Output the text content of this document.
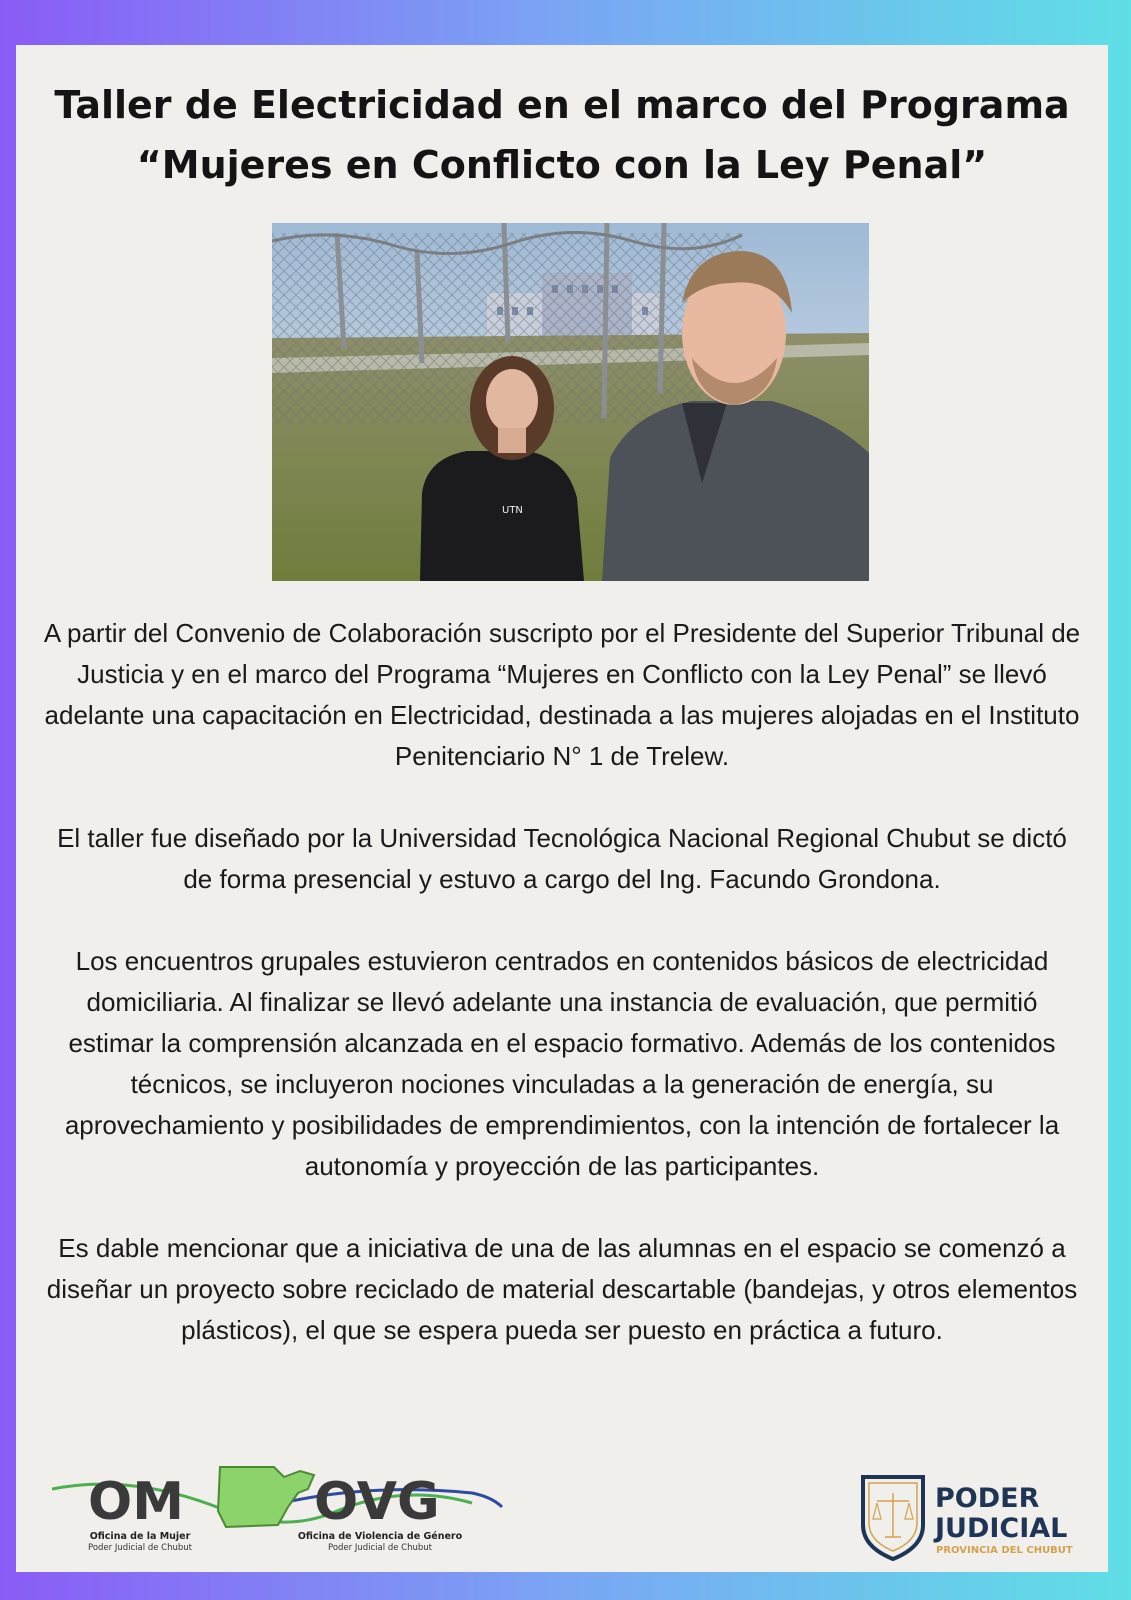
Taller de Electricidad en el marco del Programa
“Mujeres en Conflicto con la Ley Penal”
UTN

A partir del Convenio de Colaboración suscripto por el Presidente del Superior Tribunal de Justicia y en el marco del Programa “Mujeres en Conflicto con la Ley Penal” se llevó adelante una capacitación en Electricidad, destinada a las mujeres alojadas en el Instituto Penitenciario N° 1 de Trelew.

El taller fue diseñado por la Universidad Tecnológica Nacional Regional Chubut se dictó de forma presencial y estuvo a cargo del Ing. Facundo Grondona.

Los encuentros grupales estuvieron centrados en contenidos básicos de electricidad domiciliaria. Al finalizar se llevó adelante una instancia de evaluación, que permitió estimar la comprensión alcanzada en el espacio formativo. Además de los contenidos técnicos, se incluyeron nociones vinculadas a la generación de energía, su aprovechamiento y posibilidades de emprendimientos, con la intención de fortalecer la autonomía y proyección de las participantes.

Es dable mencionar que a iniciativa de una de las alumnas en el espacio se comenzó a diseñar un proyecto sobre reciclado de material descartable (bandejas, y otros elementos plásticos), el que se espera pueda ser puesto en práctica a futuro.

OM	OVG
Oficina de la Mujer
Poder Judicial de Chubut
Oficina de Violencia de Género
Poder Judicial de Chubut
PODER
JUDICIAL
PROVINCIA DEL CHUBUT
